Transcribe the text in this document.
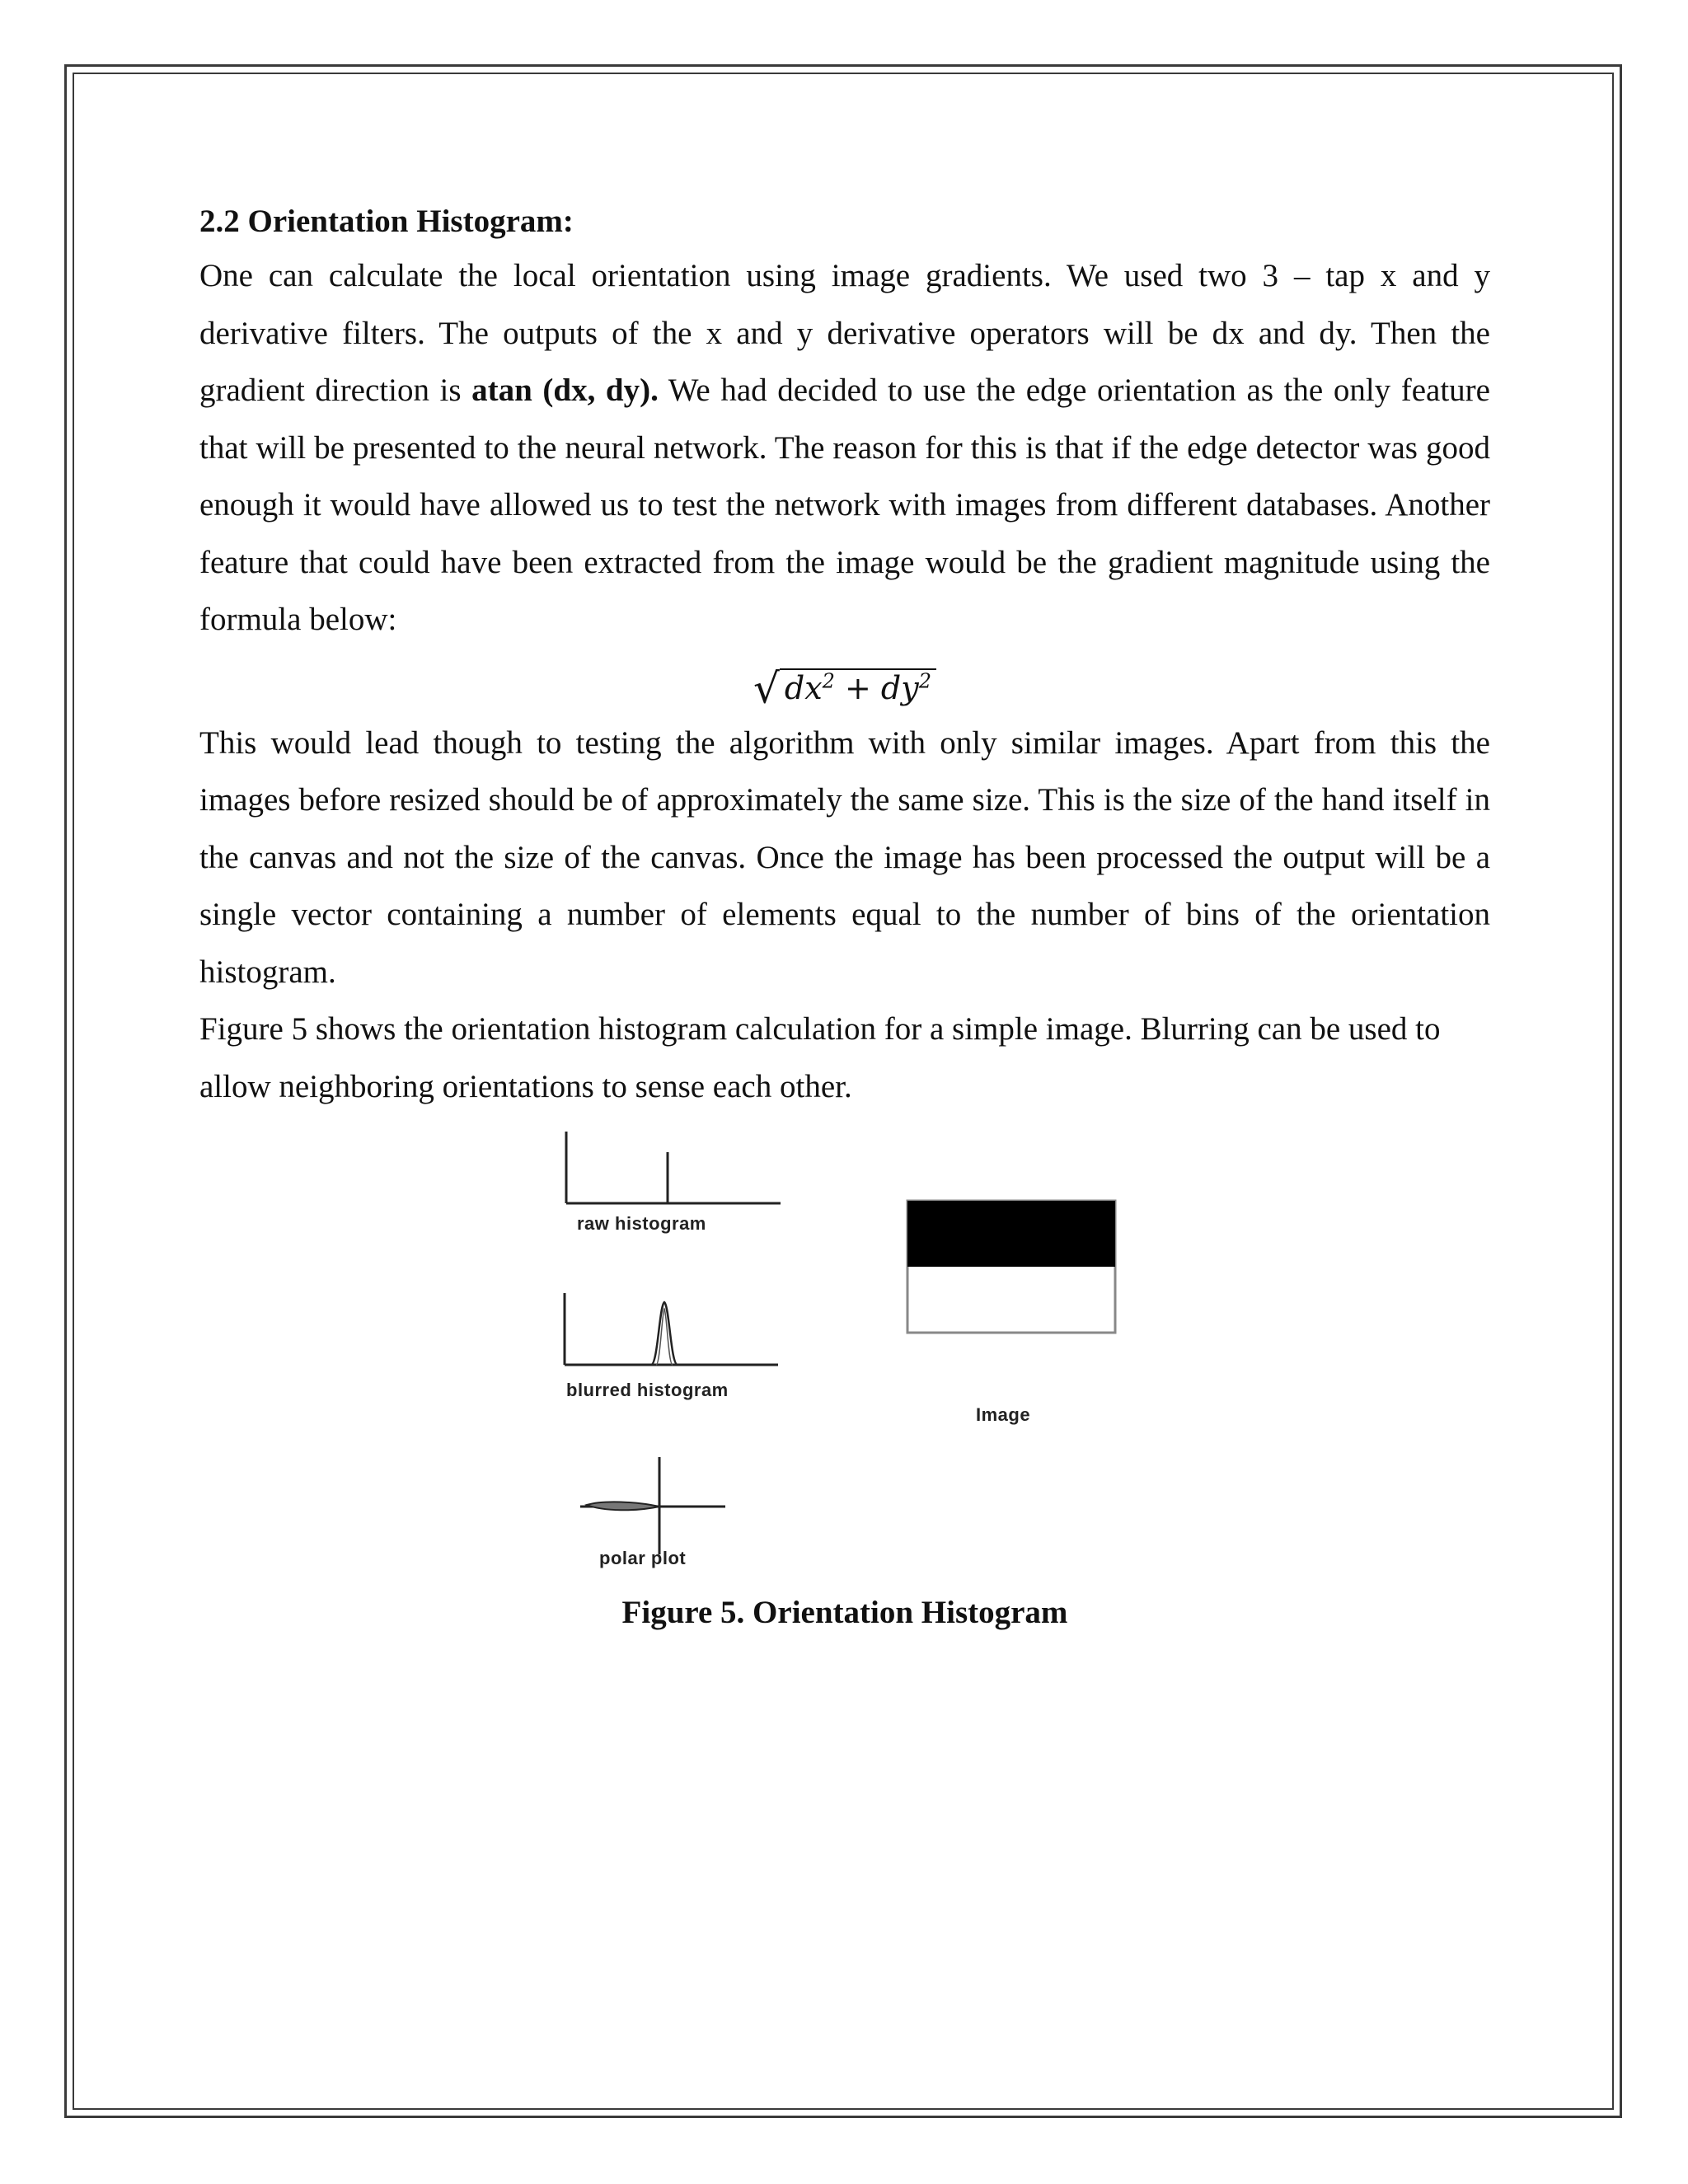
2.2 Orientation Histogram:

One can calculate the local orientation using image gradients. We used two 3 – tap x and y derivative filters. The outputs of the x and y derivative operators will be dx and dy. Then the gradient direction is atan (dx, dy). We had decided to use the edge orientation as the only feature that will be presented to the neural network. The reason for this is that if the edge detector was good enough it would have allowed us to test the network with images from different databases. Another feature that could have been extracted from the image would be the gradient magnitude using the formula below:

√ $dx^2 + dy^2$

This would lead though to testing the algorithm with only similar images. Apart from this the images before resized should be of approximately the same size. This is the size of the hand itself in the canvas and not the size of the canvas. Once the image has been processed the output will be a single vector containing a number of elements equal to the number of bins of the orientation histogram.

Figure 5 shows the orientation histogram calculation for a simple image. Blurring can be used to allow neighboring orientations to sense each other.

raw histogram
blurred histogram
Image
polar plot
Figure 5. Orientation Histogram
